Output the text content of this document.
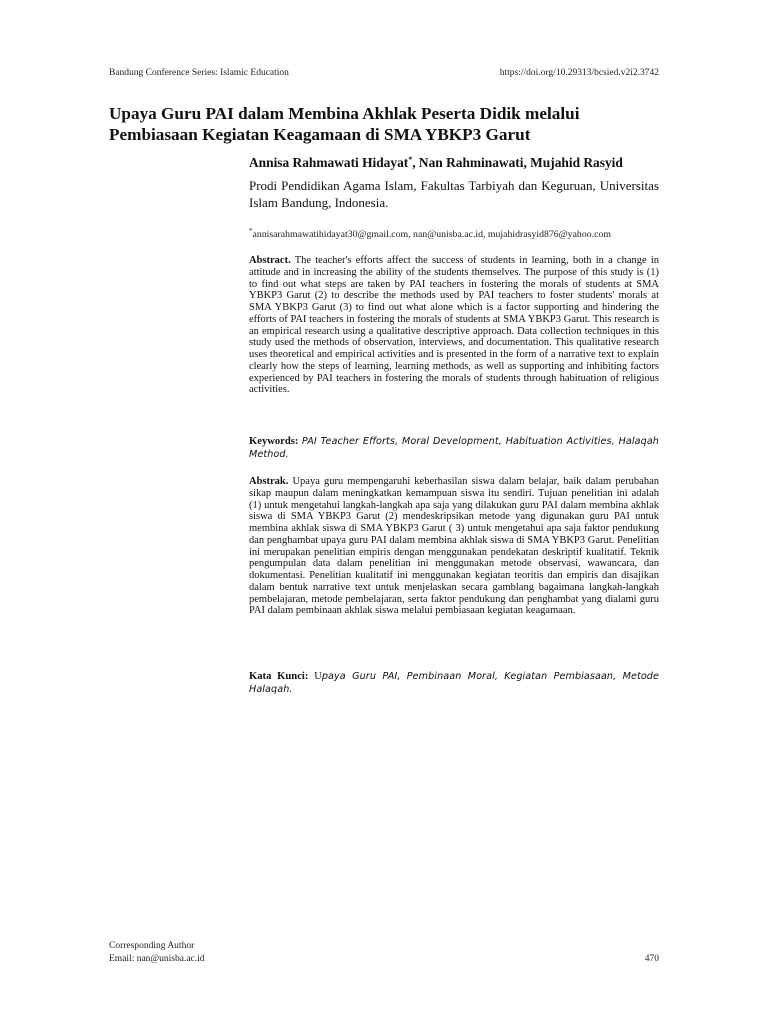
Bandung Conference Series: Islamic Education	https://doi.org/10.29313/bcsied.v2i2.3742
Upaya Guru PAI dalam Membina Akhlak Peserta Didik melalui Pembiasaan Kegiatan Keagamaan di SMA YBKP3 Garut
Annisa Rahmawati Hidayat*, Nan Rahminawati, Mujahid Rasyid

Prodi Pendidikan Agama Islam, Fakultas Tarbiyah dan Keguruan, Universitas Islam Bandung, Indonesia.

*annisarahmawatihidayat30@gmail.com, nan@unisba.ac.id, mujahidrasyid876@yahoo.com

Abstract. The teacher's efforts affect the success of students in learning, both in a change in attitude and in increasing the ability of the students themselves. The purpose of this study is (1) to find out what steps are taken by PAI teachers in fostering the morals of students at SMA YBKP3 Garut (2) to describe the methods used by PAI teachers to foster students' morals at SMA YBKP3 Garut (3) to find out what alone which is a factor supporting and hindering the efforts of PAI teachers in fostering the morals of students at SMA YBKP3 Garut. This research is an empirical research using a qualitative descriptive approach. Data collection techniques in this study used the methods of observation, interviews, and documentation. This qualitative research uses theoretical and empirical activities and is presented in the form of a narrative text to explain clearly how the steps of learning, learning methods, as well as supporting and inhibiting factors experienced by PAI teachers in fostering the morals of students through habituation of religious activities.

Keywords: PAI Teacher Efforts, Moral Development, Habituation Activities, Halaqah Method.

Abstrak. Upaya guru mempengaruhi keberhasilan siswa dalam belajar, baik dalam perubahan sikap maupun dalam meningkatkan kemampuan siswa itu sendiri. Tujuan penelitian ini adalah (1) untuk mengetahui langkah-langkah apa saja yang dilakukan guru PAI dalam membina akhlak siswa di SMA YBKP3 Garut (2) mendeskripsikan metode yang digunakan guru PAI untuk membina akhlak siswa di SMA YBKP3 Garut ( 3) untuk mengetahui apa saja faktor pendukung dan penghambat upaya guru PAI dalam membina akhlak siswa di SMA YBKP3 Garut. Penelitian ini merupakan penelitian empiris dengan menggunakan pendekatan deskriptif kualitatif. Teknik pengumpulan data dalam penelitian ini menggunakan metode observasi, wawancara, dan dokumentasi. Penelitian kualitatif ini menggunakan kegiatan teoritis dan empiris dan disajikan dalam bentuk narrative text untuk menjelaskan secara gamblang bagaimana langkah-langkah pembelajaran, metode pembelajaran, serta faktor pendukung dan penghambat yang dialami guru PAI dalam pembinaan akhlak siswa melalui pembiasaan kegiatan keagamaan.

Kata Kunci: Upaya Guru PAI, Pembinaan Moral, Kegiatan Pembiasaan, Metode Halaqah.

Corresponding Author
Email: nan@unisba.ac.id	470
